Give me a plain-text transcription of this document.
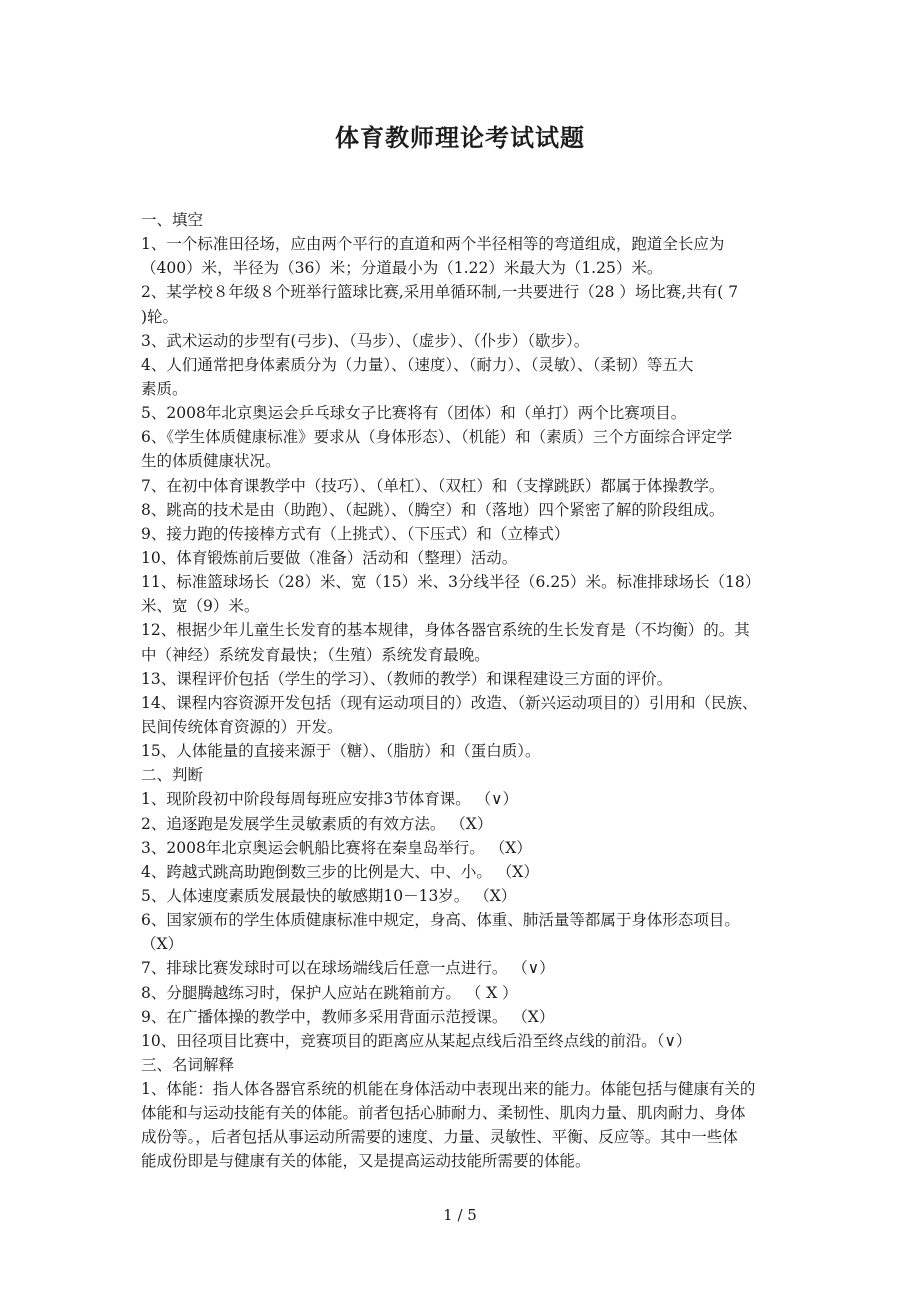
体育教师理论考试试题
一、填空
1、一个标准田径场，应由两个平行的直道和两个半径相等的弯道组成，跑道全长应为
（400）米，半径为（36）米；分道最小为（1.22）米最大为（1.25）米。
2、某学校８年级８个班举行篮球比赛,采用单循环制,一共要进行（28 ）场比赛,共有( 7
)轮。
3、武术运动的步型有(弓步)、（马步）、（虚步）、（仆步）（歇步）。
4、人们通常把身体素质分为（力量）、（速度）、（耐力）、（灵敏）、（柔韧）等五大
素质。
5、2008年北京奥运会乒乓球女子比赛将有（团体）和（单打）两个比赛项目。
6、《学生体质健康标准》要求从（身体形态）、（机能）和（素质）三个方面综合评定学
生的体质健康状况。
7、在初中体育课教学中（技巧）、（单杠）、（双杠）和（支撑跳跃）都属于体操教学。
8、跳高的技术是由（助跑）、（起跳）、（腾空）和（落地）四个紧密了解的阶段组成。
9、接力跑的传接棒方式有（上挑式）、（下压式）和（立棒式）
10、体育锻炼前后要做（准备）活动和（整理）活动。
11、标准篮球场长（28）米、宽（15）米、3分线半径（6.25）米。标准排球场长（18）
米、宽（9）米。
12、根据少年儿童生长发育的基本规律，身体各器官系统的生长发育是（不均衡）的。其
中（神经）系统发育最快；（生殖）系统发育最晚。
13、课程评价包括（学生的学习）、（教师的教学）和课程建设三方面的评价。
14、课程内容资源开发包括（现有运动项目的）改造、（新兴运动项目的）引用和（民族、
民间传统体育资源的）开发。
15、人体能量的直接来源于（糖）、（脂肪）和（蛋白质）。
二、判断
1、现阶段初中阶段每周每班应安排3节体育课。 （∨）
2、追逐跑是发展学生灵敏素质的有效方法。 （X）
3、2008年北京奥运会帆船比赛将在秦皇岛举行。 （X）
4、跨越式跳高助跑倒数三步的比例是大、中、小。 （X）
5、人体速度素质发展最快的敏感期10－13岁。 （X）
6、国家颁布的学生体质健康标准中规定，身高、体重、肺活量等都属于身体形态项目。
（X）
7、排球比赛发球时可以在球场端线后任意一点进行。 （∨）
8、分腿腾越练习时，保护人应站在跳箱前方。 （ X ）
9、在广播体操的教学中，教师多采用背面示范授课。 （X）
10、田径项目比赛中，竞赛项目的距离应从某起点线后沿至终点线的前沿。（∨）
三、名词解释
1、体能：指人体各器官系统的机能在身体活动中表现出来的能力。体能包括与健康有关的
体能和与运动技能有关的体能。前者包括心肺耐力、柔韧性、肌肉力量、肌肉耐力、身体
成份等。，后者包括从事运动所需要的速度、力量、灵敏性、平衡、反应等。其中一些体
能成份即是与健康有关的体能，又是提高运动技能所需要的体能。
1 / 5
